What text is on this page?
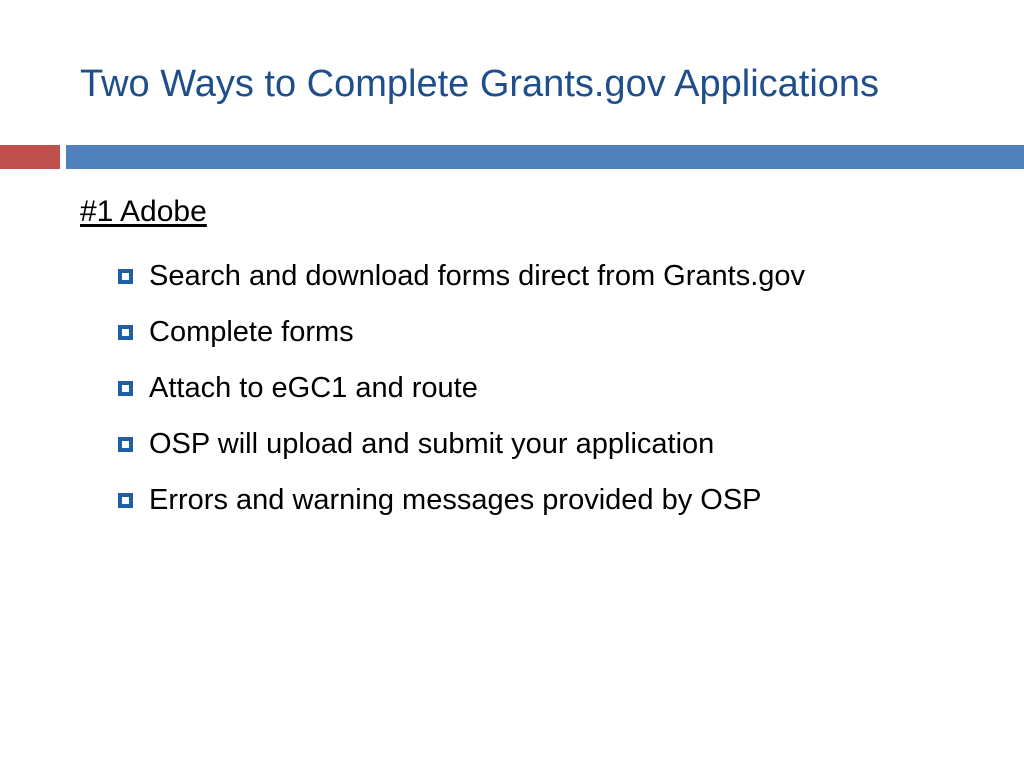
Two Ways to Complete Grants.gov Applications
#1 Adobe
Search and download forms direct from Grants.gov
Complete forms
Attach to eGC1 and route
OSP will upload and submit your application
Errors and warning messages provided by OSP
